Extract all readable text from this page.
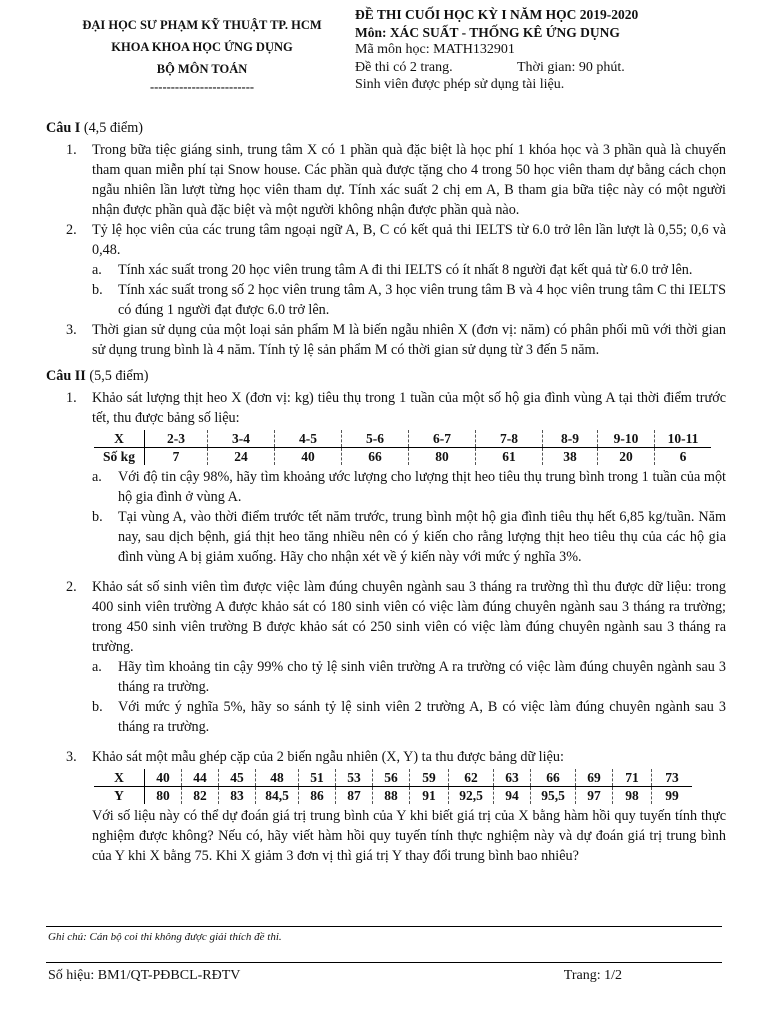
ĐẠI HỌC SƯ PHẠM KỸ THUẬT TP. HCM
KHOA KHOA HỌC ỨNG DỤNG
BỘ MÔN TOÁN
-------------------------
ĐỀ THI CUỐI HỌC KỲ I NĂM HỌC 2019-2020
Môn: XÁC SUẤT - THỐNG KÊ ỨNG DỤNG
Mã môn học: MATH132901
Đề thi có 2 trang.	Thời gian: 90 phút.
Sinh viên được phép sử dụng tài liệu.
Câu I (4,5 điểm)
1.	Trong bữa tiệc giáng sinh, trung tâm X có 1 phần quà đặc biệt là học phí 1 khóa học và 3 phần quà là chuyến tham quan miễn phí tại Snow house. Các phần quà được tặng cho 4 trong 50 học viên tham dự bằng cách chọn ngẫu nhiên lần lượt từng học viên tham dự. Tính xác suất 2 chị em A, B tham gia bữa tiệc này có một người nhận được phần quà đặc biệt và một người không nhận được phần quà nào.
2.	Tỷ lệ học viên của các trung tâm ngoại ngữ A, B, C có kết quả thi IELTS từ 6.0 trở lên lần lượt là 0,55; 0,6 và 0,48.
a.	Tính xác suất trong 20 học viên trung tâm A đi thi IELTS có ít nhất 8 người đạt kết quả từ 6.0 trở lên.
b.	Tính xác suất trong số 2 học viên trung tâm A, 3 học viên trung tâm B và 4 học viên trung tâm C thi IELTS có đúng 1 người đạt được 6.0 trở lên.
3.	Thời gian sử dụng của một loại sản phẩm M là biến ngẫu nhiên X (đơn vị: năm) có phân phối mũ với thời gian sử dụng trung bình là 4 năm. Tính tỷ lệ sản phẩm M có thời gian sử dụng từ 3 đến 5 năm.
Câu II (5,5 điểm)
1.	Khảo sát lượng thịt heo X (đơn vị: kg) tiêu thụ trong 1 tuần của một số hộ gia đình vùng A tại thời điểm trước tết, thu được bảng số liệu:
X	2-3	3-4	4-5	5-6	6-7	7-8	8-9	9-10	10-11
Số kg	7	24	40	66	80	61	38	20	6
a.	Với độ tin cậy 98%, hãy tìm khoảng ước lượng cho lượng thịt heo tiêu thụ trung bình trong 1 tuần của một hộ gia đình ở vùng A.
b.	Tại vùng A, vào thời điểm trước tết năm trước, trung bình một hộ gia đình tiêu thụ hết 6,85 kg/tuần. Năm nay, sau dịch bệnh, giá thịt heo tăng nhiều nên có ý kiến cho rằng lượng thịt heo tiêu thụ của các hộ gia đình vùng A bị giảm xuống. Hãy cho nhận xét về ý kiến này với mức ý nghĩa 3%.
2.	Khảo sát số sinh viên tìm được việc làm đúng chuyên ngành sau 3 tháng ra trường thì thu được dữ liệu: trong 400 sinh viên trường A được khảo sát có 180 sinh viên có việc làm đúng chuyên ngành sau 3 tháng ra trường; trong 450 sinh viên trường B được khảo sát có 250 sinh viên có việc làm đúng chuyên ngành sau 3 tháng ra trường.
a.	Hãy tìm khoảng tin cậy 99% cho tỷ lệ sinh viên trường A ra trường có việc làm đúng chuyên ngành sau 3 tháng ra trường.
b.	Với mức ý nghĩa 5%, hãy so sánh tỷ lệ sinh viên 2 trường A, B có việc làm đúng chuyên ngành sau 3 tháng ra trường.
3.	Khảo sát một mẫu ghép cặp của 2 biến ngẫu nhiên (X, Y) ta thu được bảng dữ liệu:
X	40	44	45	48	51	53	56	59	62	63	66	69	71	73
Y	80	82	83	84,5	86	87	88	91	92,5	94	95,5	97	98	99
Với số liệu này có thể dự đoán giá trị trung bình của Y khi biết giá trị của X bằng hàm hồi quy tuyến tính thực nghiệm được không? Nếu có, hãy viết hàm hồi quy tuyến tính thực nghiệm này và dự đoán giá trị trung bình của Y khi X bằng 75. Khi X giảm 3 đơn vị thì giá trị Y thay đổi trung bình bao nhiêu?
Ghi chú: Cán bộ coi thi không được giải thích đề thi.
Số hiệu: BM1/QT-PĐBCL-RĐTV	Trang: 1/2
